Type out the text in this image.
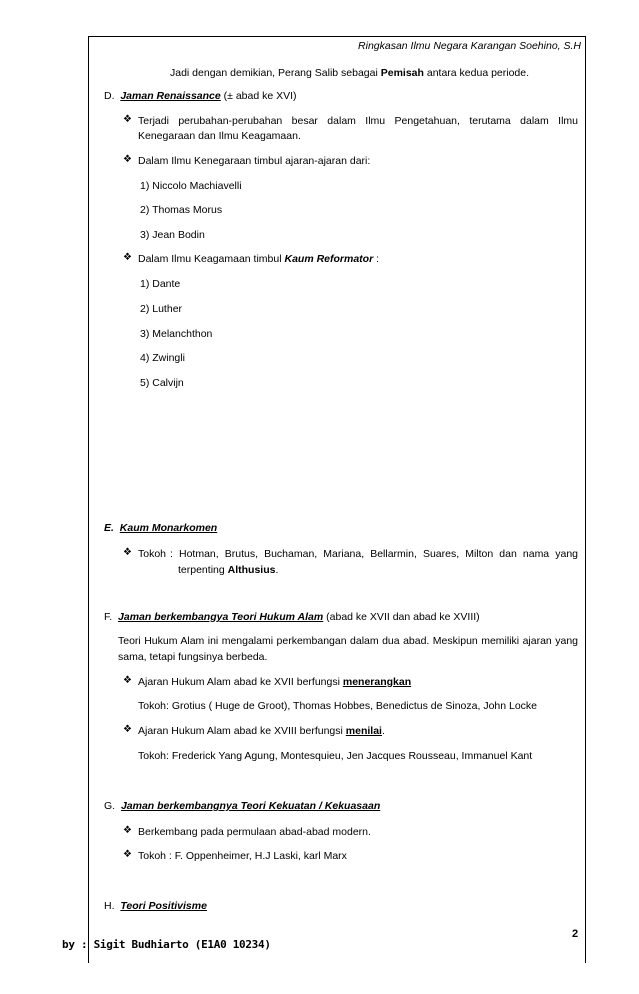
Ringkasan Ilmu Negara Karangan Soehino, S.H
Jadi dengan demikian, Perang Salib sebagai Pemisah antara kedua periode.
D. Jaman Renaissance (± abad ke XVI)
❖ Terjadi perubahan-perubahan besar dalam Ilmu Pengetahuan, terutama dalam Ilmu
Kenegaraan dan Ilmu Keagamaan.
❖ Dalam Ilmu Kenegaraan timbul ajaran-ajaran dari:
1) Niccolo Machiavelli
2) Thomas Morus
3) Jean Bodin
❖ Dalam Ilmu Keagamaan timbul Kaum Reformator :
1) Dante
2) Luther
3) Melanchthon
4) Zwingli
5) Calvijn
E. Kaum Monarkomen
❖ Tokoh : Hotman, Brutus, Buchaman, Mariana, Bellarmin, Suares, Milton dan nama yang
terpenting Althusius.
F. Jaman berkembangya Teori Hukum Alam (abad ke XVII dan abad ke XVIII)
Teori Hukum Alam ini mengalami perkembangan dalam dua abad. Meskipun memiliki ajaran yang
sama, tetapi fungsinya berbeda.
❖ Ajaran Hukum Alam abad ke XVII berfungsi menerangkan
Tokoh: Grotius ( Huge de Groot), Thomas Hobbes, Benedictus de Sinoza, John Locke
❖ Ajaran Hukum Alam abad ke XVIII berfungsi menilai.
Tokoh: Frederick Yang Agung, Montesquieu, Jen Jacques Rousseau, Immanuel Kant
G. Jaman berkembangnya Teori Kekuatan / Kekuasaan
❖ Berkembang pada permulaan abad-abad modern.
❖ Tokoh : F. Oppenheimer, H.J Laski, karl Marx
H. Teori Positivisme
2
by : Sigit Budhiarto (E1A0 10234)
